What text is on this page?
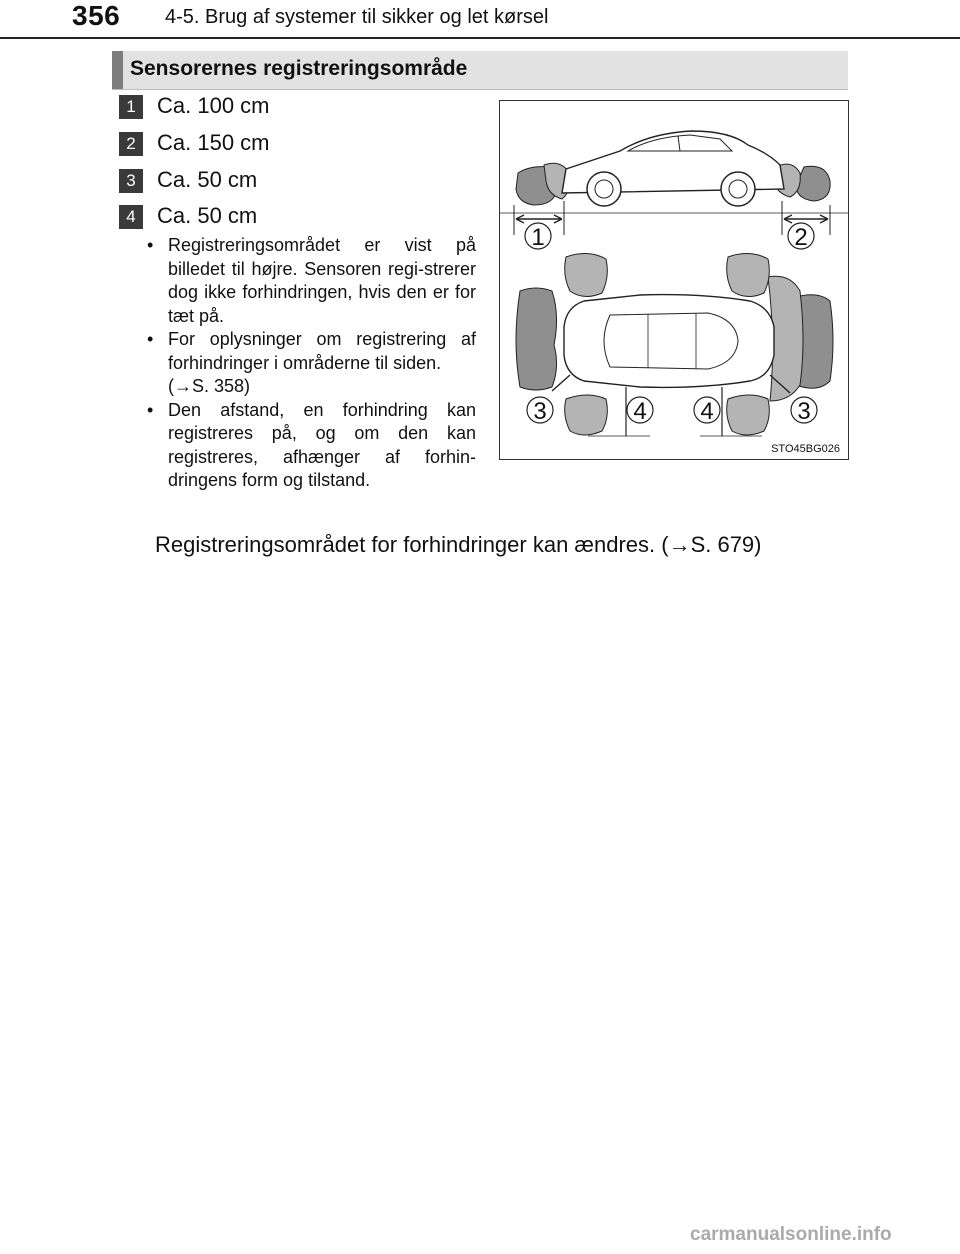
356 4-5. Brug af systemer til sikker og let kørsel
Sensorernes registreringsområde
1 Ca. 100 cm
2 Ca. 150 cm
3 Ca. 50 cm
4 Ca. 50 cm
• Registreringsområdet er vist på billedet til højre. Sensoren regi-strerer dog ikke forhindringen, hvis den er for tæt på.
• For oplysninger om registrering af forhindringer i områderne til siden.
(→S. 358)
• Den afstand, en forhindring kan registreres på, og om den kan registreres, afhænger af forhin-dringens form og tilstand.
Registreringsområdet for forhindringer kan ændres. (→S. 679)
1	2
3	4 4	3
STO45BG026
carmanualsonline.info
